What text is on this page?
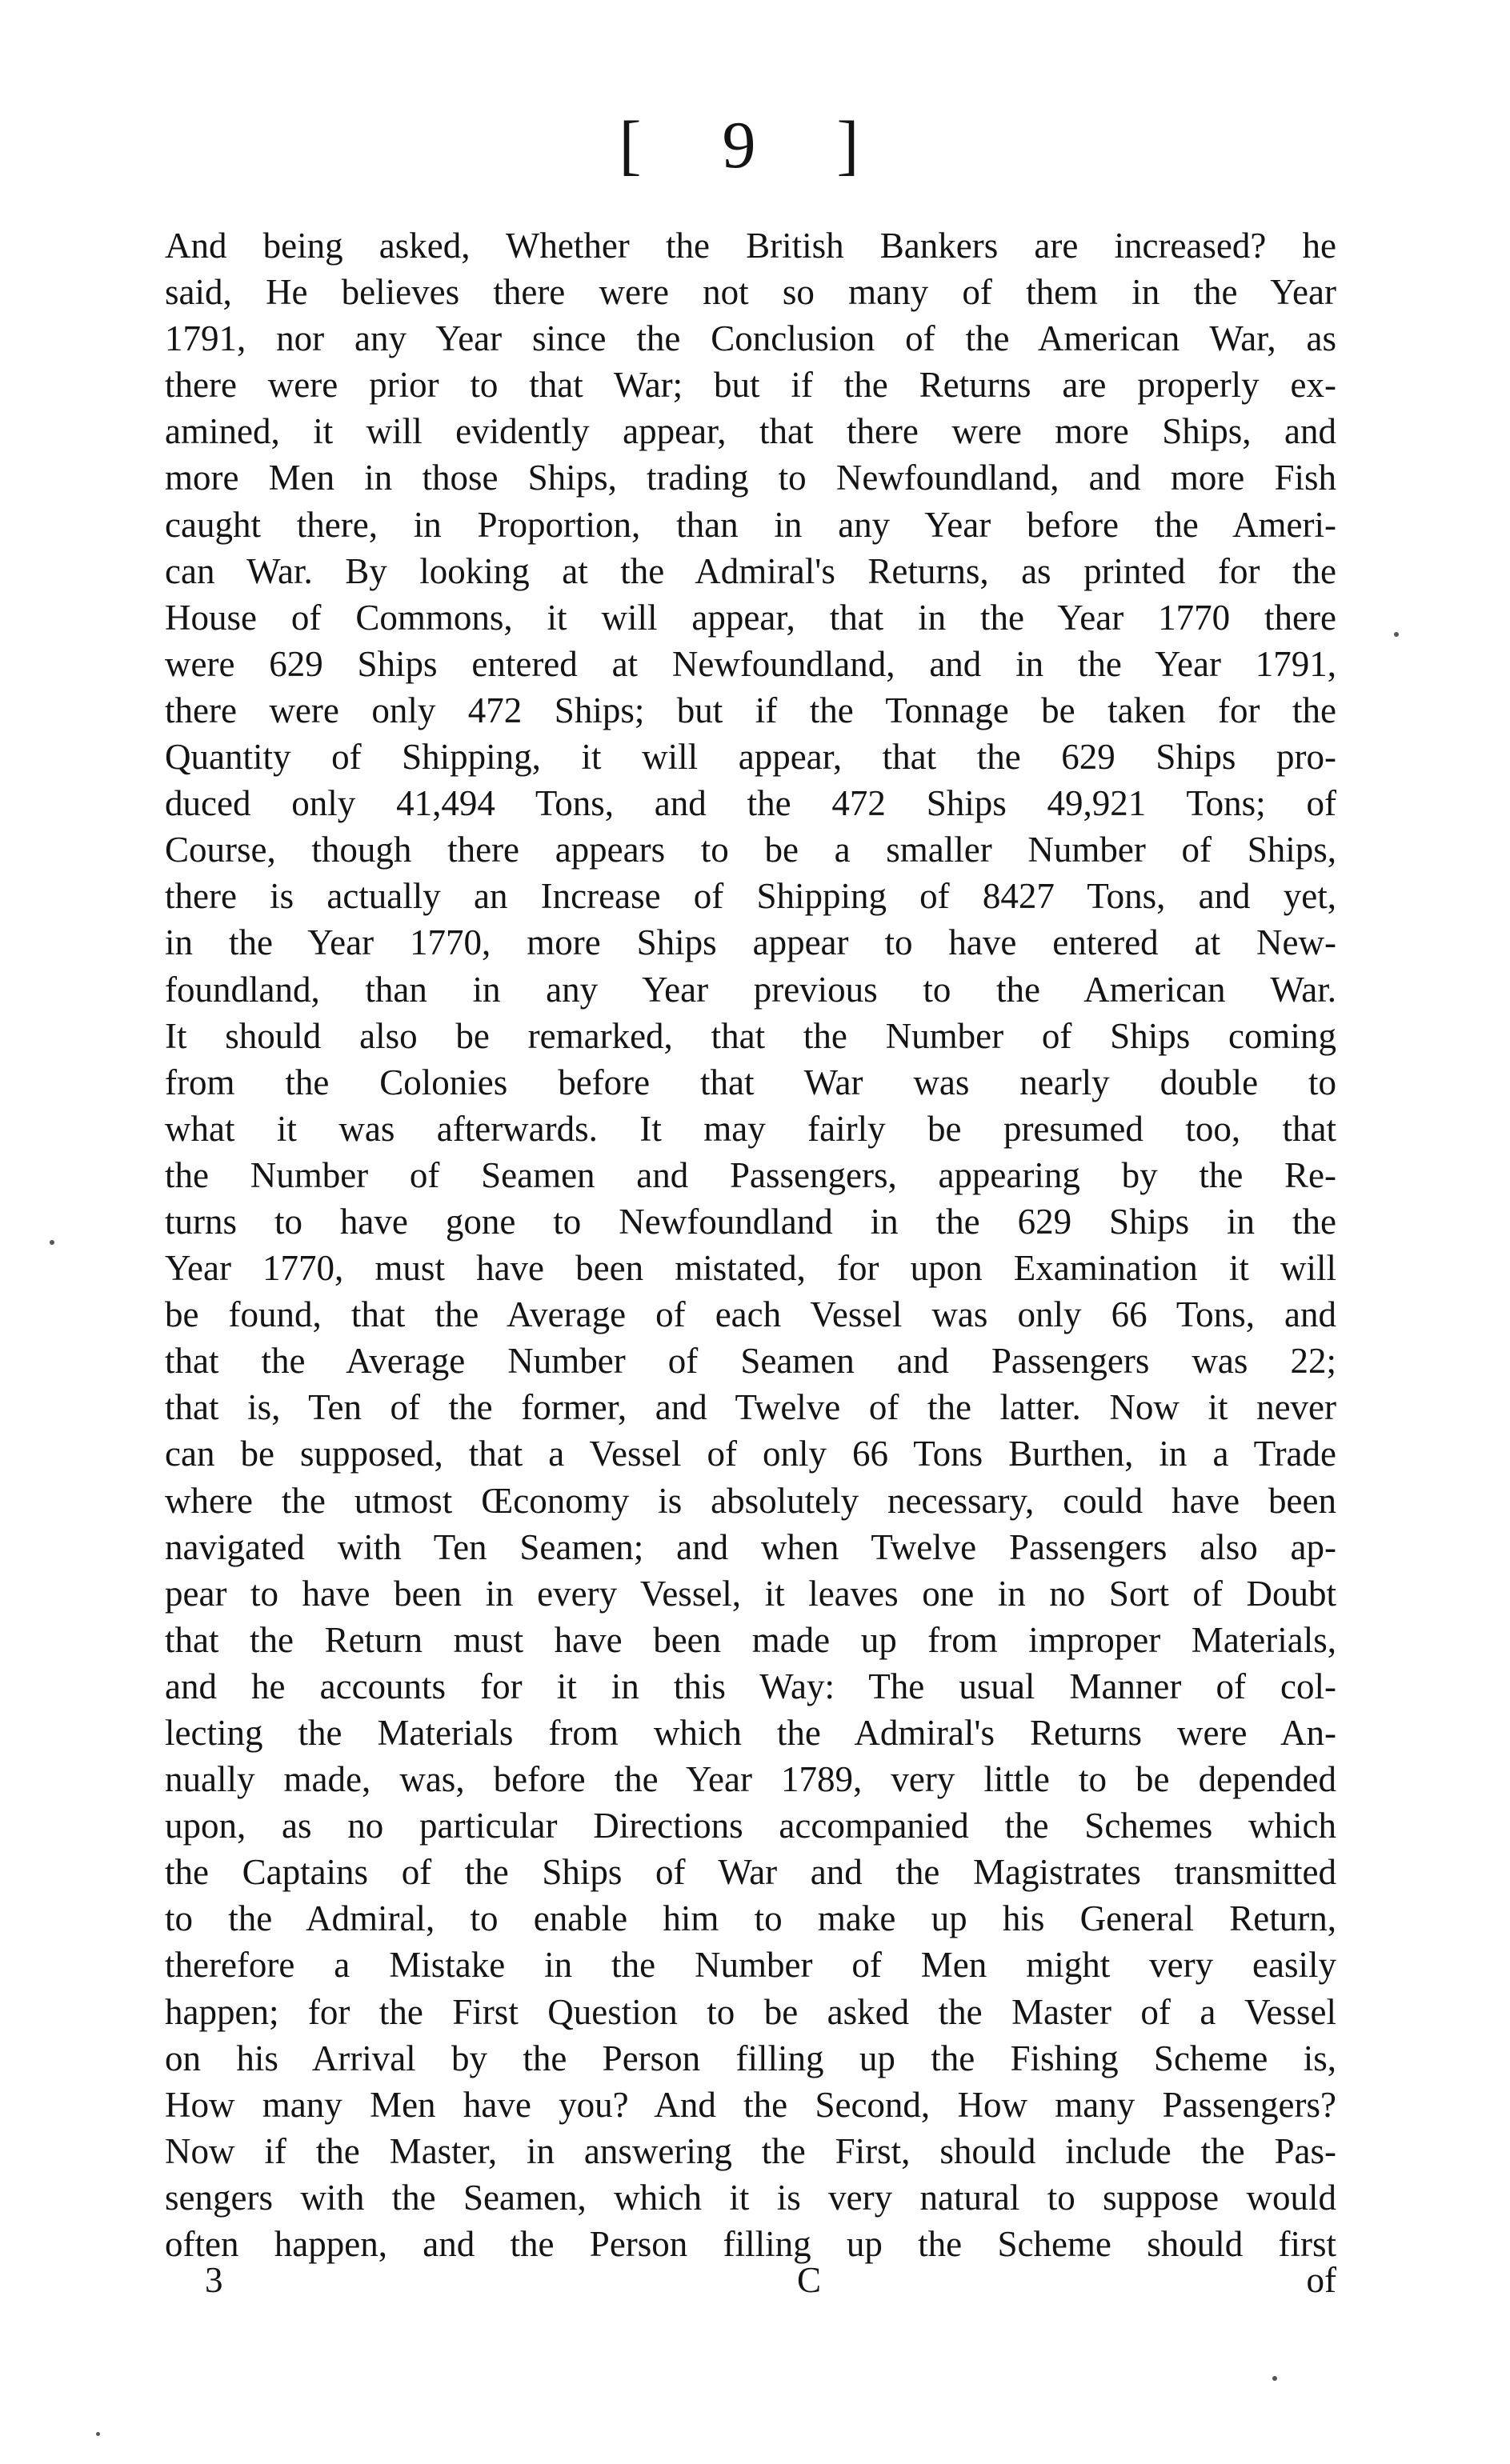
[ 9 ]
And being asked, Whether the British Bankers are increased? he
said, He believes there were not so many of them in the Year
1791, nor any Year since the Conclusion of the American War, as
there were prior to that War; but if the Returns are properly ex-
amined, it will evidently appear, that there were more Ships, and
more Men in those Ships, trading to Newfoundland, and more Fish
caught there, in Proportion, than in any Year before the Ameri-
can War. By looking at the Admiral's Returns, as printed for the
House of Commons, it will appear, that in the Year 1770 there
were 629 Ships entered at Newfoundland, and in the Year 1791,
there were only 472 Ships; but if the Tonnage be taken for the
Quantity of Shipping, it will appear, that the 629 Ships pro-
duced only 41,494 Tons, and the 472 Ships 49,921 Tons; of
Course, though there appears to be a smaller Number of Ships,
there is actually an Increase of Shipping of 8427 Tons, and yet,
in the Year 1770, more Ships appear to have entered at New-
foundland, than in any Year previous to the American War.
It should also be remarked, that the Number of Ships coming
from the Colonies before that War was nearly double to
what it was afterwards. It may fairly be presumed too, that
the Number of Seamen and Passengers, appearing by the Re-
turns to have gone to Newfoundland in the 629 Ships in the
Year 1770, must have been mistated, for upon Examination it will
be found, that the Average of each Vessel was only 66 Tons, and
that the Average Number of Seamen and Passengers was 22;
that is, Ten of the former, and Twelve of the latter. Now it never
can be supposed, that a Vessel of only 66 Tons Burthen, in a Trade
where the utmost Œconomy is absolutely necessary, could have been
navigated with Ten Seamen; and when Twelve Passengers also ap-
pear to have been in every Vessel, it leaves one in no Sort of Doubt
that the Return must have been made up from improper Materials,
and he accounts for it in this Way: The usual Manner of col-
lecting the Materials from which the Admiral's Returns were An-
nually made, was, before the Year 1789, very little to be depended
upon, as no particular Directions accompanied the Schemes which
the Captains of the Ships of War and the Magistrates transmitted
to the Admiral, to enable him to make up his General Return,
therefore a Mistake in the Number of Men might very easily
happen; for the First Question to be asked the Master of a Vessel
on his Arrival by the Person filling up the Fishing Scheme is,
How many Men have you? And the Second, How many Passengers?
Now if the Master, in answering the First, should include the Pas-
sengers with the Seamen, which it is very natural to suppose would
often happen, and the Person filling up the Scheme should first
3	C	of
